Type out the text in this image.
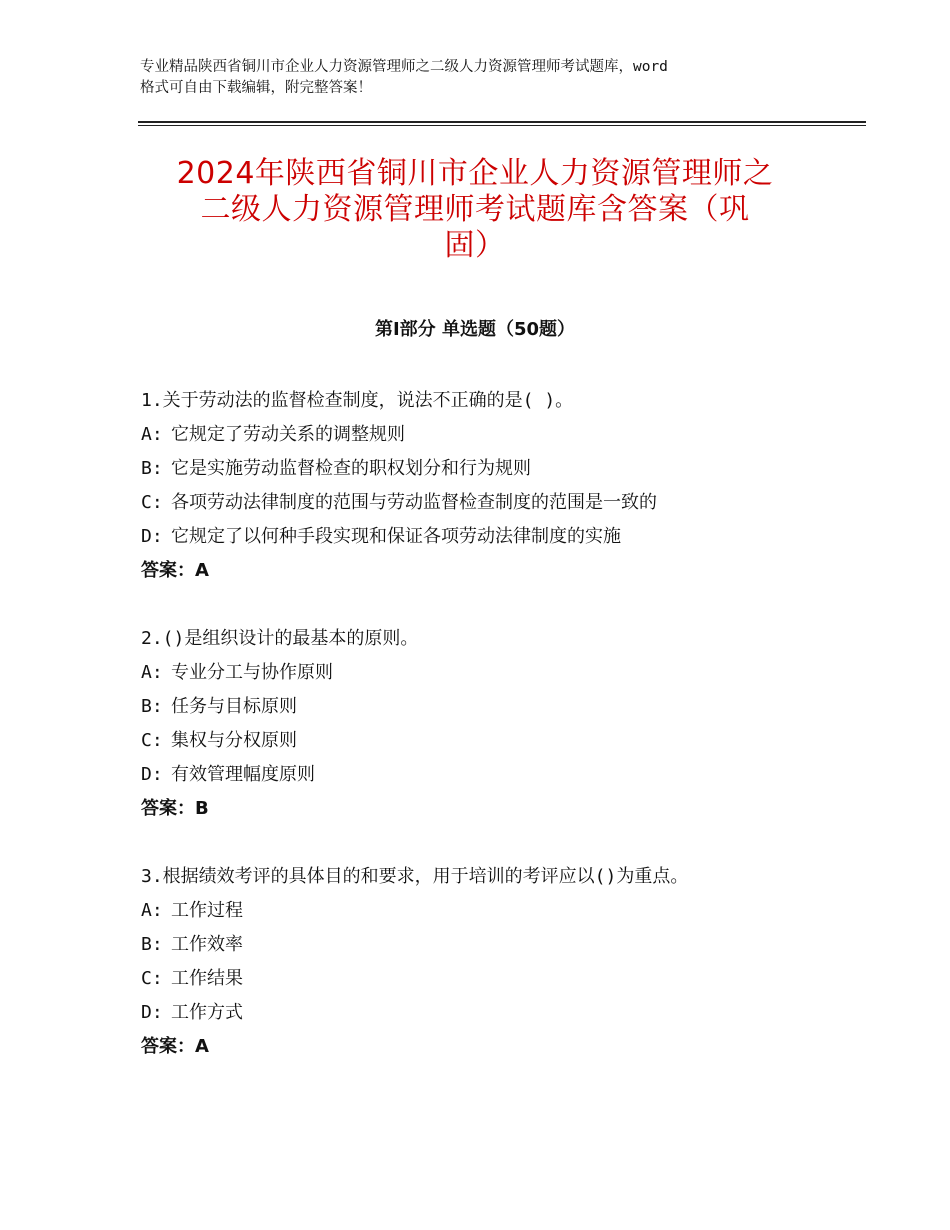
专业精品陕西省铜川市企业人力资源管理师之二级人力资源管理师考试题库，word
格式可自由下载编辑，附完整答案！
2024年陕西省铜川市企业人力资源管理师之
二级人力资源管理师考试题库含答案（巩
固）
第Ⅰ部分 单选题（50题）
1.关于劳动法的监督检查制度，说法不正确的是( )。
A: 它规定了劳动关系的调整规则
B: 它是实施劳动监督检查的职权划分和行为规则
C: 各项劳动法律制度的范围与劳动监督检查制度的范围是一致的
D: 它规定了以何种手段实现和保证各项劳动法律制度的实施
答案：A
2.()是组织设计的最基本的原则。
A: 专业分工与协作原则
B: 任务与目标原则
C: 集权与分权原则
D: 有效管理幅度原则
答案：B
3.根据绩效考评的具体目的和要求，用于培训的考评应以()为重点。
A: 工作过程
B: 工作效率
C: 工作结果
D: 工作方式
答案：A
